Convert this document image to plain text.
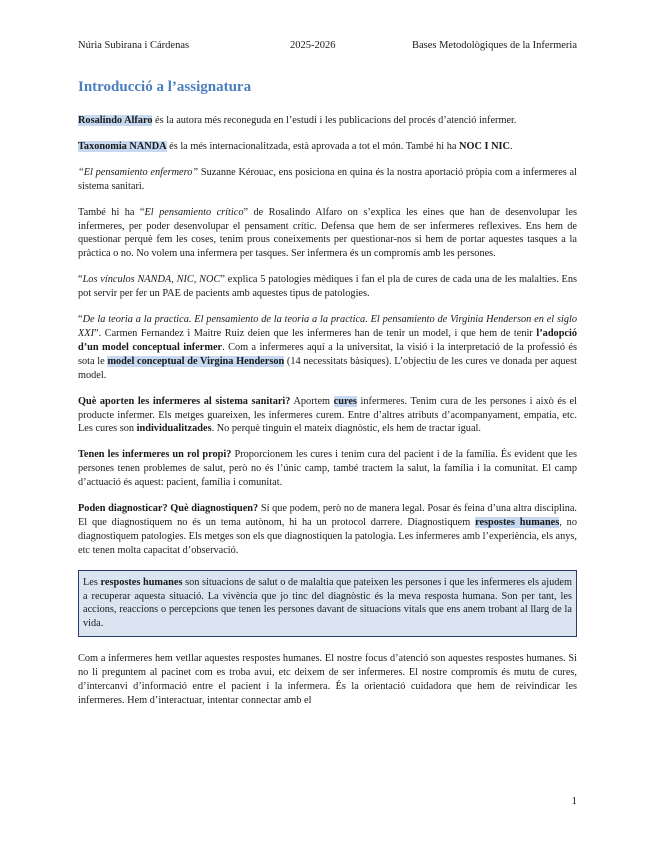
Núria Subirana i Cárdenas	2025-2026	Bases Metodològiques de la Infermeria
Introducció a l’assignatura

Rosalindo Alfaro és la autora més reconeguda en l’estudi i les publicacions del procés d’atenció infermer.

Taxonomia NANDA és la més internacionalitzada, està aprovada a tot el món. També hi ha NOC I NIC.

“El pensamiento enfermero” Suzanne Kérouac, ens posiciona en quina és la nostra aportació pròpia com a infermeres al sistema sanitari.

També hi ha “El pensamiento crítico” de Rosalindo Alfaro on s’explica les eines que han de desenvolupar les infermeres, per poder desenvolupar el pensament crític. Defensa que hem de ser infermeres reflexives. Ens hem de questionar perquè fem les coses, tenim prous coneixements per questionar-nos si hem de portar aquestes tasques a la pràctica o no. No volem una infermera per tasques. Ser infermera és un compromís amb les persones.

“Los vínculos NANDA, NIC, NOC” explica 5 patologies mèdiques i fan el pla de cures de cada una de les malalties. Ens pot servir per fer un PAE de pacients amb aquestes tipus de patologies.

“De la teoria a la practica. El pensamiento de la teoria a la practica. El pensamiento de Virginia Henderson en el siglo XXI”. Carmen Fernandez i Maitre Ruiz deien que les infermeres han de tenir un model, i que hem de tenir l’adopció d’un model conceptual infermer. Com a infermeres aquí a la universitat, la visió i la interpretació de la professió és sota le model conceptual de Virgina Henderson (14 necessitats bàsiques). L’objectiu de les cures ve donada per aquest model.

Què aporten les infermeres al sistema sanitari? Aportem cures infermeres. Tenim cura de les persones i això és el producte infermer. Els metges guareixen, les infermeres curem. Entre d’altres atributs d’acompanyament, empatia, etc. Les cures son individualitzades. No perquè tinguin el mateix diagnòstic, els hem de tractar igual.

Tenen les infermeres un rol propi? Proporcionem les cures i tenim cura del pacient i de la família. És evident que les persones tenen problemes de salut, però no és l’únic camp, també tractem la salut, la família i la comunitat. El camp d’actuació és aquest: pacient, família i comunitat.

Poden diagnosticar? Què diagnostiquen? Sí que podem, però no de manera legal. Posar és feina d’una altra disciplina. El que diagnostiquem no és un tema autònom, hi ha un protocol darrere. Diagnostiquem respostes humanes, no diagnostiquem patologies. Els metges son els que diagnostiquen la patologia. Les infermeres amb l’experiència, els anys, etc tenen molta capacitat d’observació.

Les respostes humanes son situacions de salut o de malaltia que pateixen les persones i que les infermeres els ajudem a recuperar aquesta situació. La vivència que jo tinc del diagnòstic és la meva resposta humana. Son per tant, les accions, reaccions o percepcions que tenen les persones davant de situacions vitals que ens anem trobant al llarg de la vida.

Com a infermeres hem vetllar aquestes respostes humanes. El nostre focus d’atenció son aquestes respostes humanes. Si no li preguntem al pacinet com es troba avui, etc deixem de ser infermeres. El nostre compromís és mutu de cures, d’intercanvi d’informació entre el pacient i la infermera. És la orientació cuidadora que hem de reivindicar les infermeres. Hem d’interactuar, intentar connectar amb el

1
